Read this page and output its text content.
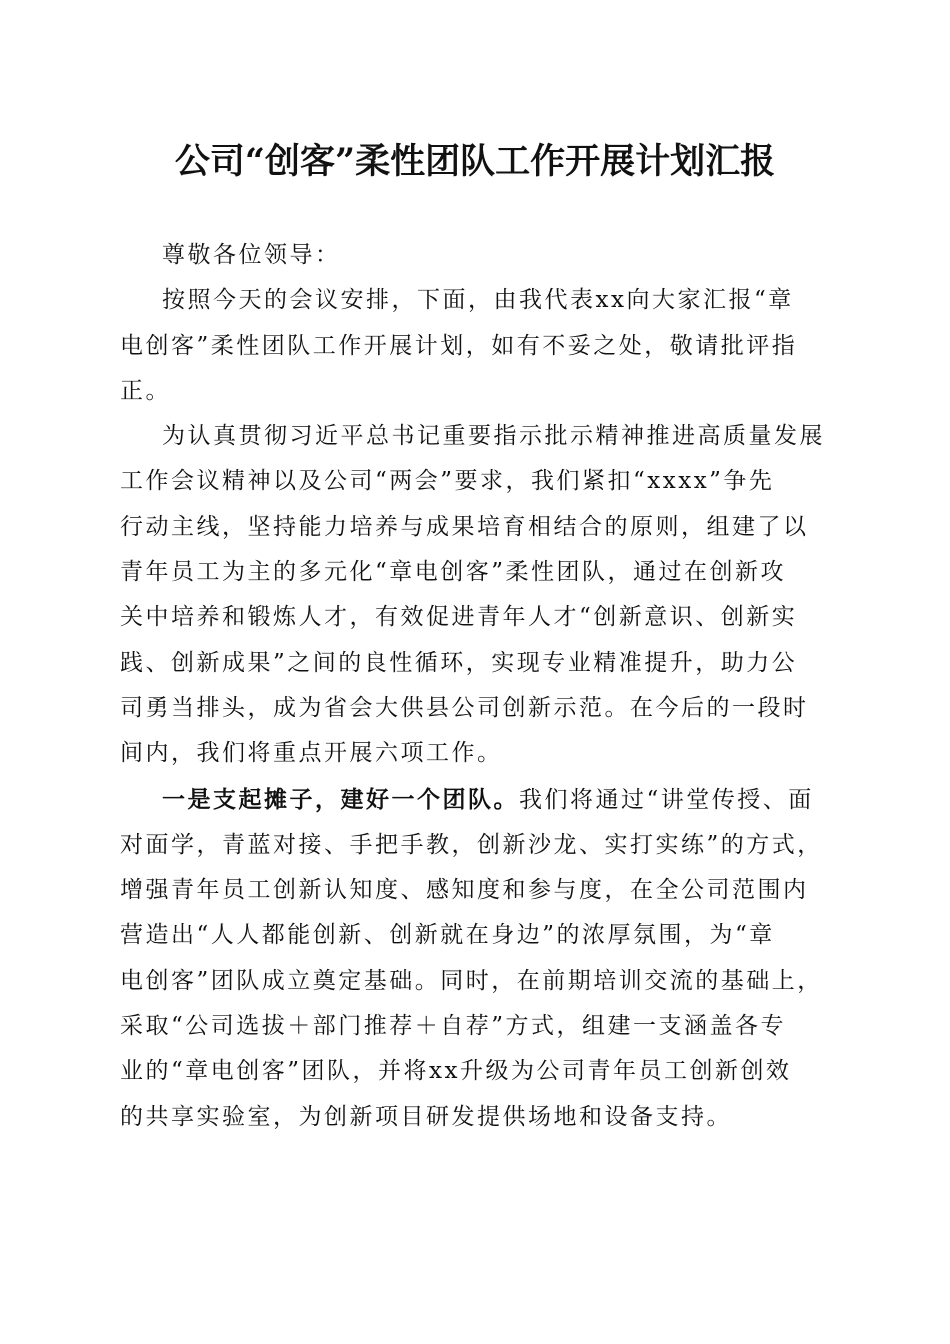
公司“创客”柔性团队工作开展计划汇报

尊敬各位领导：

按照今天的会议安排，下面，由我代表xx向大家汇报“章
电创客”柔性团队工作开展计划，如有不妥之处，敬请批评指
正。

为认真贯彻习近平总书记重要指示批示精神推进高质量发展
工作会议精神以及公司“两会”要求，我们紧扣“xxxx”争先
行动主线，坚持能力培养与成果培育相结合的原则，组建了以
青年员工为主的多元化“章电创客”柔性团队，通过在创新攻
关中培养和锻炼人才，有效促进青年人才“创新意识、创新实
践、创新成果”之间的良性循环，实现专业精准提升，助力公
司勇当排头，成为省会大供县公司创新示范。在今后的一段时
间内，我们将重点开展六项工作。

一是支起摊子，建好一个团队。我们将通过“讲堂传授、面
对面学，青蓝对接、手把手教，创新沙龙、实打实练”的方式，
增强青年员工创新认知度、感知度和参与度，在全公司范围内
营造出“人人都能创新、创新就在身边”的浓厚氛围，为“章
电创客”团队成立奠定基础。同时，在前期培训交流的基础上，
采取“公司选拔＋部门推荐＋自荐”方式，组建一支涵盖各专
业的“章电创客”团队，并将xx升级为公司青年员工创新创效
的共享实验室，为创新项目研发提供场地和设备支持。
